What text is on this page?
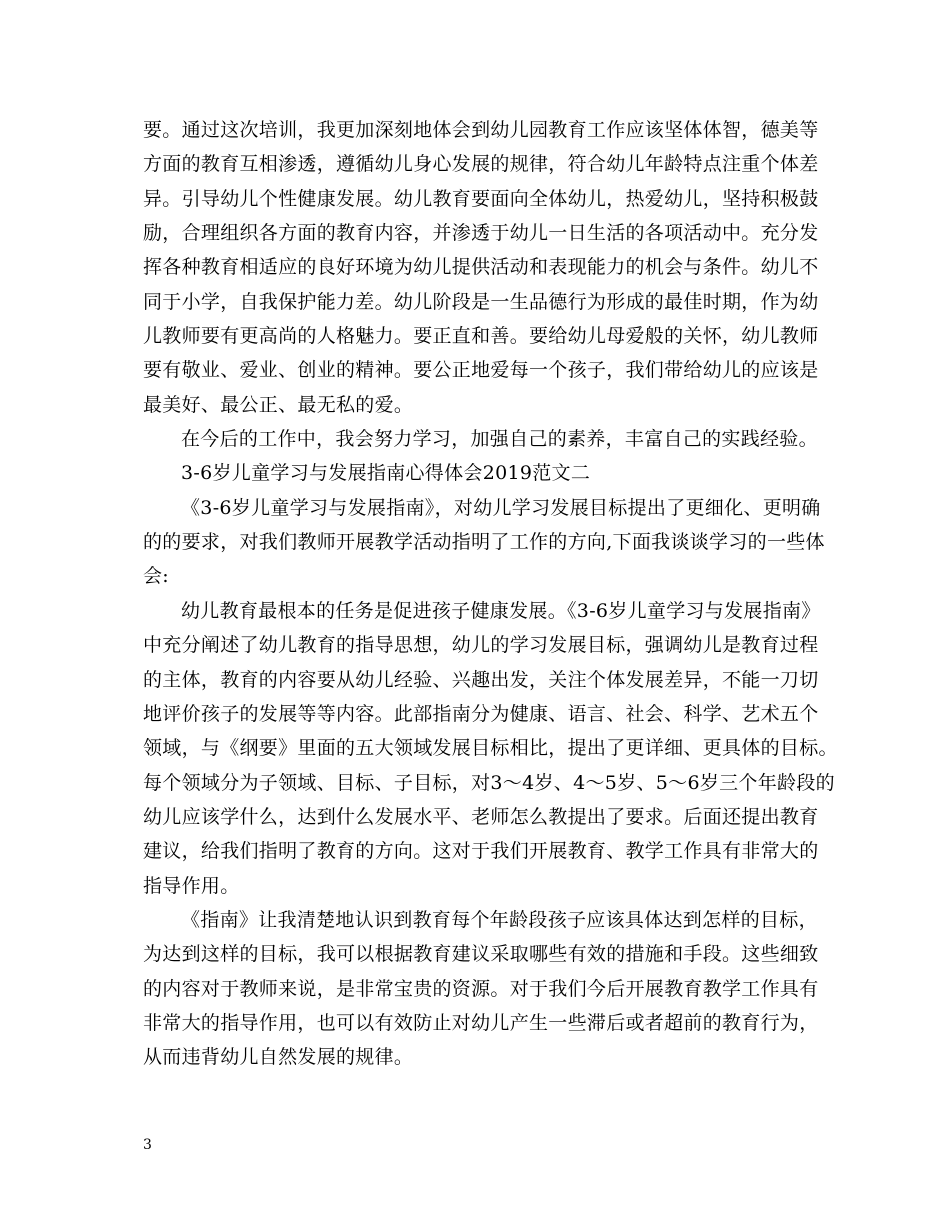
要。通过这次培训，我更加深刻地体会到幼儿园教育工作应该坚体体智，德美等
方面的教育互相渗透，遵循幼儿身心发展的规律，符合幼儿年龄特点注重个体差
异。引导幼儿个性健康发展。幼儿教育要面向全体幼儿，热爱幼儿，坚持积极鼓
励，合理组织各方面的教育内容，并渗透于幼儿一日生活的各项活动中。充分发
挥各种教育相适应的良好环境为幼儿提供活动和表现能力的机会与条件。幼儿不
同于小学，自我保护能力差。幼儿阶段是一生品德行为形成的最佳时期，作为幼
儿教师要有更高尚的人格魅力。要正直和善。要给幼儿母爱般的关怀，幼儿教师
要有敬业、爱业、创业的精神。要公正地爱每一个孩子，我们带给幼儿的应该是
最美好、最公正、最无私的爱。
在今后的工作中，我会努力学习，加强自己的素养，丰富自己的实践经验。
3-6岁儿童学习与发展指南心得体会2019范文二
《3-6岁儿童学习与发展指南》，对幼儿学习发展目标提出了更细化、更明确
的的要求，对我们教师开展教学活动指明了工作的方向,下面我谈谈学习的一些体
会:
幼儿教育最根本的任务是促进孩子健康发展。《3-6岁儿童学习与发展指南》
中充分阐述了幼儿教育的指导思想，幼儿的学习发展目标，强调幼儿是教育过程
的主体，教育的内容要从幼儿经验、兴趣出发，关注个体发展差异，不能一刀切
地评价孩子的发展等等内容。此部指南分为健康、语言、社会、科学、艺术五个
领域，与《纲要》里面的五大领域发展目标相比，提出了更详细、更具体的目标。
每个领域分为子领域、目标、子目标，对3～4岁、4～5岁、5～6岁三个年龄段的
幼儿应该学什么，达到什么发展水平、老师怎么教提出了要求。后面还提出教育
建议，给我们指明了教育的方向。这对于我们开展教育、教学工作具有非常大的
指导作用。
《指南》让我清楚地认识到教育每个年龄段孩子应该具体达到怎样的目标，
为达到这样的目标，我可以根据教育建议采取哪些有效的措施和手段。这些细致
的内容对于教师来说，是非常宝贵的资源。对于我们今后开展教育教学工作具有
非常大的指导作用，也可以有效防止对幼儿产生一些滞后或者超前的教育行为，
从而违背幼儿自然发展的规律。
3
